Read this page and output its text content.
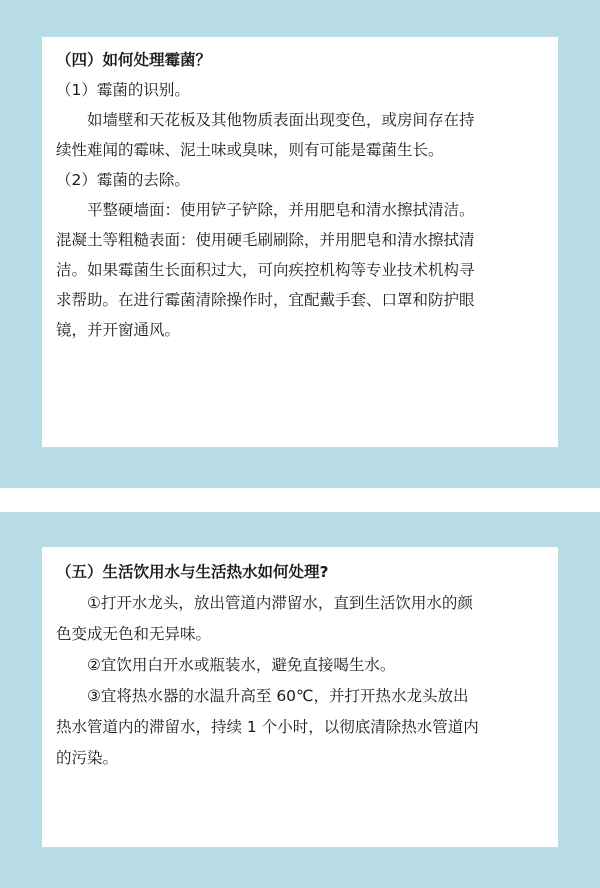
（四）如何处理霉菌？
（1）霉菌的识别。
如墙壁和天花板及其他物质表面出现变色，或房间存在持
续性难闻的霉味、泥土味或臭味，则有可能是霉菌生长。
（2）霉菌的去除。
平整硬墙面：使用铲子铲除，并用肥皂和清水擦拭清洁。
混凝土等粗糙表面：使用硬毛刷刷除，并用肥皂和清水擦拭清
洁。如果霉菌生长面积过大，可向疾控机构等专业技术机构寻
求帮助。在进行霉菌清除操作时，宜配戴手套、口罩和防护眼
镜，并开窗通风。
（五）生活饮用水与生活热水如何处理?
①打开水龙头，放出管道内滞留水，直到生活饮用水的颜
色变成无色和无异味。
②宜饮用白开水或瓶装水，避免直接喝生水。
③宜将热水器的水温升高至 60℃，并打开热水龙头放出
热水管道内的滞留水，持续 1 个小时，以彻底清除热水管道内
的污染。
